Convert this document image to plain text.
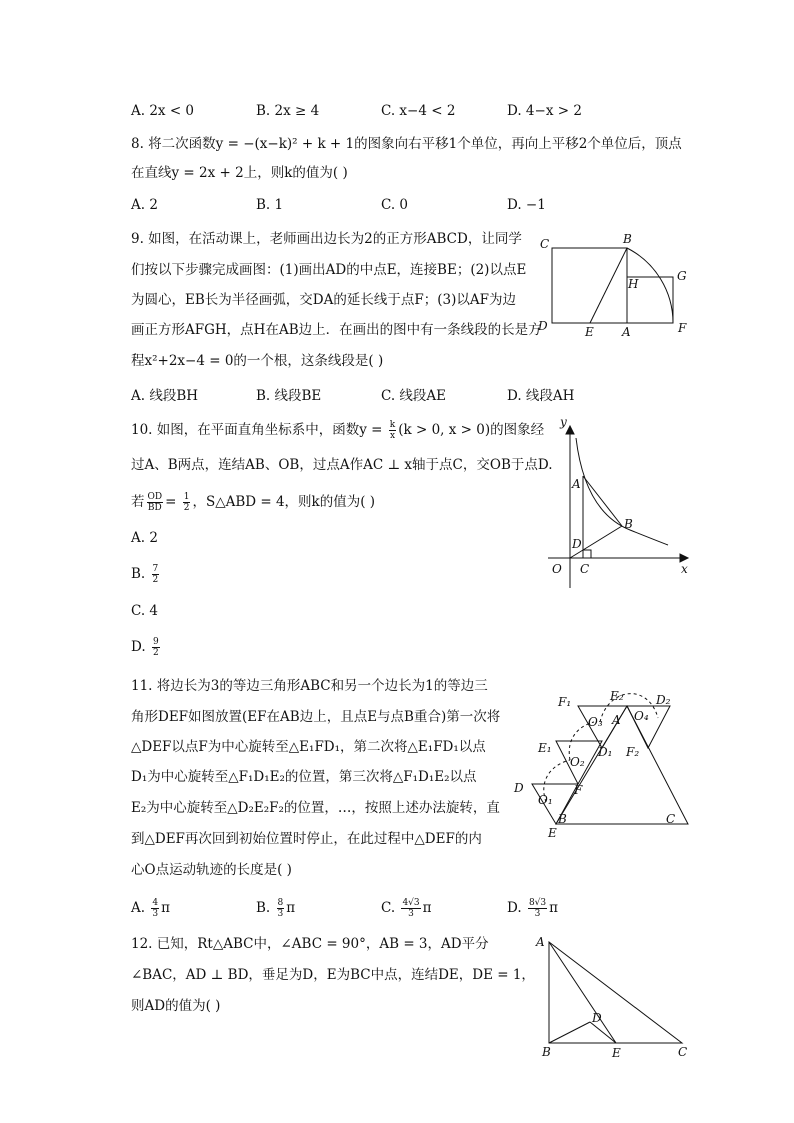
A. 2x < 0	B. 2x ≥ 4	C. x−4 < 2	D. 4−x > 2
8. 将二次函数y = −(x−k)² + k + 1的图象向右平移1个单位，再向上平移2个单位后，顶点
在直线y = 2x + 2上，则k的值为( )
A. 2	B. 1	C. 0	D. −1
9. 如图，在活动课上，老师画出边长为2的正方形ABCD，让同学
们按以下步骤完成画图：(1)画出AD的中点E，连接BE；(2)以点E
为圆心，EB长为半径画弧，交DA的延长线于点F；(3)以AF为边
画正方形AFGH，点H在AB边上．在画出的图中有一条线段的长是方
程x²+2x−4 = 0的一个根，这条线段是( )
A. 线段BH	B. 线段BE	C. 线段AE	D. 线段AH
C	B
G
H
D	E A	F
10. 如图，在平面直角坐标系中，函数$y = \frac{k}{x} (k > 0$, x > 0)的图象经
过A、B两点，连结AB、OB，过点A作AC ⊥ x轴于点C，交OB于点D.
若 $\frac{OD}{BD} = \frac{1}{2}$ ，S△ABD = 4，则k的值为( )
A. 2
B. $\frac{7}{2}$
C. 4
D. $\frac{9}{2}$
y
A
B
D
O C	x
11. 将边长为3的等边三角形ABC和另一个边长为1的等边三
角形DEF如图放置(EF在AB边上，且点E与点B重合)第一次将
△DEF以点F为中心旋转至△E₁FD₁，第二次将△E₁FD₁以点
D₁为中心旋转至△F₁D₁E₂的位置，第三次将△F₁D₁E₂以点
E₂为中心旋转至△D₂E₂F₂的位置，…，按照上述办法旋转，直
到△DEF再次回到初始位置时停止，在此过程中△DEF的内
心O点运动轨迹的长度是( )
A. $\frac{4}{3}$ π	B. $\frac{8}{3}$ π	C. $\frac{4√3}{3}$ π	D. $\frac{8√3}{3}$ π
F₁	E₂	D₂
O₃ A O₄
E₁	D₁ F₂
O₂
D	F
O₁
B	C
E
12. 已知，Rt△ABC中，∠ABC = 90°，AB = 3，AD平分
∠BAC，AD ⊥ BD，垂足为D，E为BC中点，连结DE，DE = 1，
则AD的值为( )
A
D
B	E	C
